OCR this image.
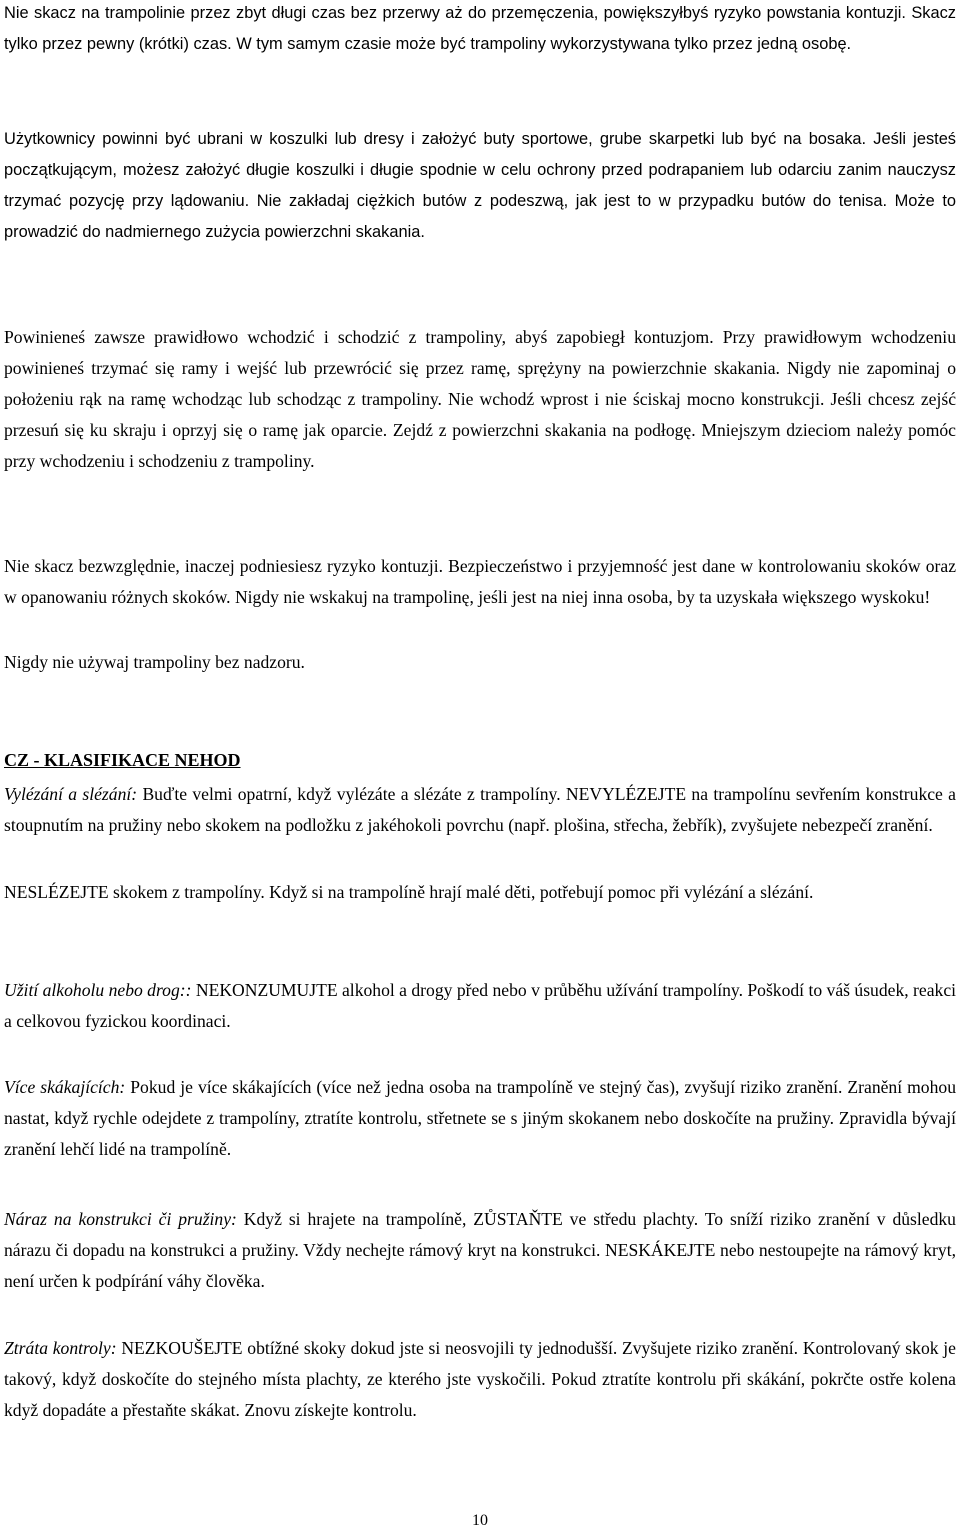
Nie skacz na trampolinie przez zbyt długi czas bez przerwy aż do przemęczenia, powiększyłbyś ryzyko powstania kontuzji. Skacz tylko przez pewny (krótki) czas. W tym samym czasie może być trampoliny wykorzystywana tylko przez jedną osobę.

Użytkownicy powinni być ubrani w koszulki lub dresy i założyć buty sportowe, grube skarpetki lub być na bosaka. Jeśli jesteś początkującym, możesz założyć długie koszulki i długie spodnie w celu ochrony przed podrapaniem lub odarciu zanim nauczysz trzymać pozycję przy lądowaniu. Nie zakładaj ciężkich butów z podeszwą, jak jest to w przypadku butów do tenisa. Może to prowadzić do nadmiernego zużycia powierzchni skakania.

Powinieneś zawsze prawidłowo wchodzić i schodzić z trampoliny, abyś zapobiegł kontuzjom. Przy prawidłowym wchodzeniu powinieneś trzymać się ramy i wejść lub przewrócić się przez ramę, sprężyny na powierzchnie skakania. Nigdy nie zapominaj o położeniu rąk na ramę wchodząc lub schodząc z trampoliny. Nie wchodź wprost i nie ściskaj mocno konstrukcji. Jeśli chcesz zejść przesuń się ku skraju i oprzyj się o ramę jak oparcie. Zejdź z powierzchni skakania na podłogę. Mniejszym dzieciom należy pomóc przy wchodzeniu i schodzeniu z trampoliny.

Nie skacz bezwzględnie, inaczej podniesiesz ryzyko kontuzji. Bezpieczeństwo i przyjemność jest dane w kontrolowaniu skoków oraz w opanowaniu różnych skoków. Nigdy nie wskakuj na trampolinę, jeśli jest na niej inna osoba, by ta uzyskała większego wyskoku!

Nigdy nie używaj trampoliny bez nadzoru.

CZ - KLASIFIKACE NEHOD

Vylézání a slézání: Buďte velmi opatrní, když vylézáte a slézáte z trampolíny. NEVYLÉZEJTE na trampolínu sevřením konstrukce a stoupnutím na pružiny nebo skokem na podložku z jakéhokoli povrchu (např. plošina, střecha, žebřík), zvyšujete nebezpečí zranění.

NESLÉZEJTE skokem z trampolíny. Když si na trampolíně hrají malé děti, potřebují pomoc při vylézání a slézání.

Užití alkoholu nebo drog:: NEKONZUMUJTE alkohol a drogy před nebo v průběhu užívání trampolíny. Poškodí to váš úsudek, reakci a celkovou fyzickou koordinaci.

Více skákajících: Pokud je více skákajících (více než jedna osoba na trampolíně ve stejný čas), zvyšují riziko zranění. Zranění mohou nastat, když rychle odejdete z trampolíny, ztratíte kontrolu, střetnete se s jiným skokanem nebo doskočíte na pružiny. Zpravidla bývají zranění lehčí lidé na trampolíně.

Náraz na konstrukci či pružiny: Když si hrajete na trampolíně, ZŮSTAŇTE ve středu plachty. To sníží riziko zranění v důsledku nárazu či dopadu na konstrukci a pružiny. Vždy nechejte rámový kryt na konstrukci. NESKÁKEJTE nebo nestoupejte na rámový kryt, není určen k podpírání váhy člověka.

Ztráta kontroly: NEZKOUŠEJTE obtížné skoky dokud jste si neosvojili ty jednodušší. Zvyšujete riziko zranění. Kontrolovaný skok je takový, když doskočíte do stejného místa plachty, ze kterého jste vyskočili. Pokud ztratíte kontrolu při skákání, pokrčte ostře kolena když dopadáte a přestaňte skákat. Znovu získejte kontrolu.

10
